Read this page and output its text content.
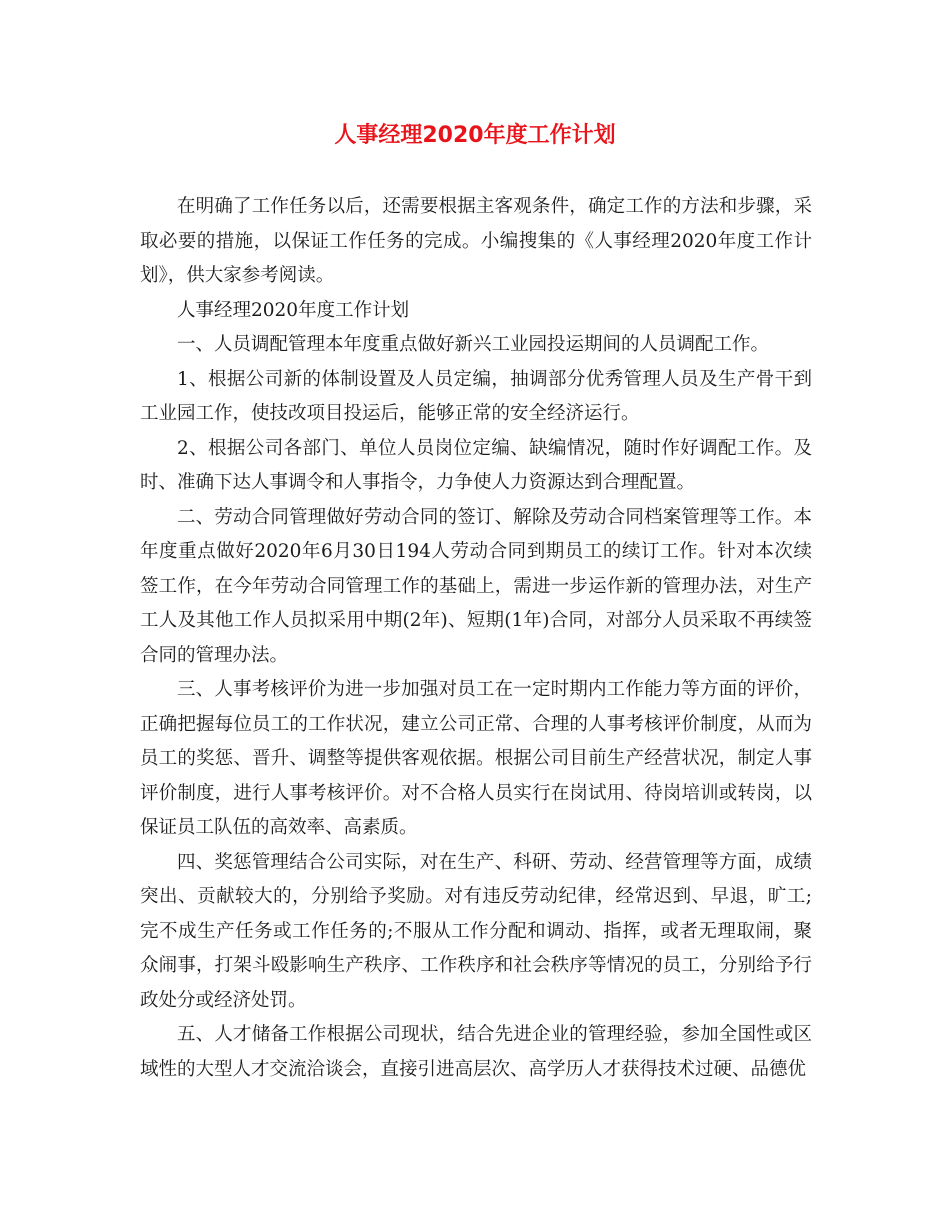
人事经理2020年度工作计划

在明确了工作任务以后，还需要根据主客观条件，确定工作的方法和步骤，采取必要的措施，以保证工作任务的完成。小编搜集的《人事经理2020年度工作计划》，供大家参考阅读。

人事经理2020年度工作计划

一、人员调配管理本年度重点做好新兴工业园投运期间的人员调配工作。

1、根据公司新的体制设置及人员定编，抽调部分优秀管理人员及生产骨干到工业园工作，使技改项目投运后，能够正常的安全经济运行。

2、根据公司各部门、单位人员岗位定编、缺编情况，随时作好调配工作。及时、准确下达人事调令和人事指令，力争使人力资源达到合理配置。

二、劳动合同管理做好劳动合同的签订、解除及劳动合同档案管理等工作。本年度重点做好2020年6月30日194人劳动合同到期员工的续订工作。针对本次续签工作，在今年劳动合同管理工作的基础上，需进一步运作新的管理办法，对生产工人及其他工作人员拟采用中期(2年)、短期(1年)合同，对部分人员采取不再续签合同的管理办法。

三、人事考核评价为进一步加强对员工在一定时期内工作能力等方面的评价，正确把握每位员工的工作状况，建立公司正常、合理的人事考核评价制度，从而为员工的奖惩、晋升、调整等提供客观依据。根据公司目前生产经营状况，制定人事评价制度，进行人事考核评价。对不合格人员实行在岗试用、待岗培训或转岗，以保证员工队伍的高效率、高素质。

四、奖惩管理结合公司实际，对在生产、科研、劳动、经营管理等方面，成绩突出、贡献较大的，分别给予奖励。对有违反劳动纪律，经常迟到、早退，旷工;完不成生产任务或工作任务的;不服从工作分配和调动、指挥，或者无理取闹，聚众闹事，打架斗殴影响生产秩序、工作秩序和社会秩序等情况的员工，分别给予行政处分或经济处罚。

五、人才储备工作根据公司现状，结合先进企业的管理经验，参加全国性或区域性的大型人才交流洽谈会，直接引进高层次、高学历人才获得技术过硬、品德优
